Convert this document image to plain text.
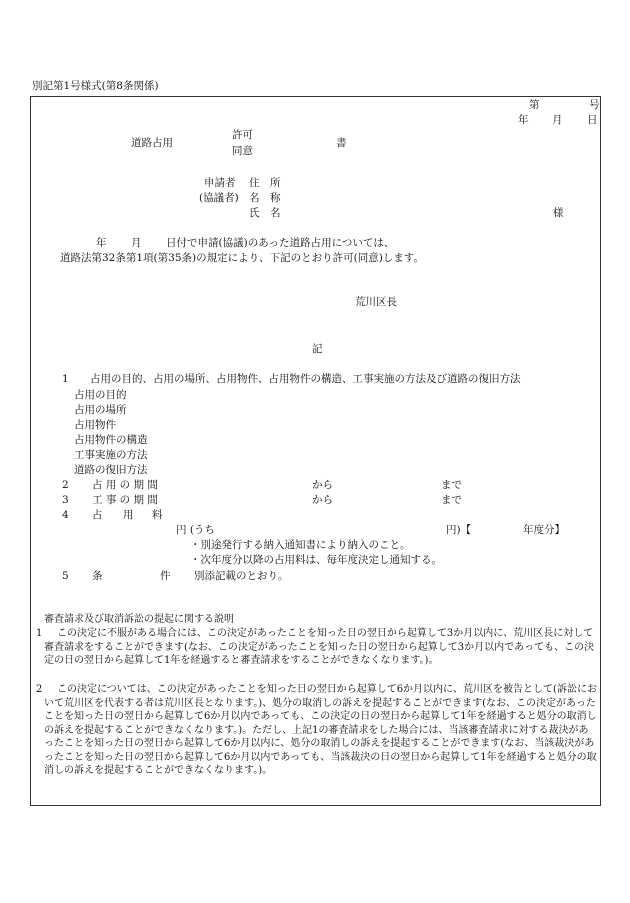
別記第1号様式(第8条関係)
第	号
年 月 日
道路占用
許可
同意
書
申請者
(協議者)
住　所
名　称
氏　名	様
年 月 日付で申請(協議)のあった道路占用については、
道路法第32条第1項(第35条)の規定により、下記のとおり許可(同意)します。
荒川区長
記
1 占用の目的、占用の場所、占用物件、占用物件の構造、工事実施の方法及び道路の復旧方法
占用の目的
占用の場所
占用物件
占用物件の構造
工事実施の方法
道路の復旧方法
2 占 用 の 期 間	から	まで
3 工 事 の 期 間	から	まで
4 占 用 料
円 (うち	円)【	年度分】
・別途発行する納入通知書により納入のこと。
・次年度分以降の占用料は、毎年度決定し通知する。
5 条	件 別添記載のとおり。
審査請求及び取消訴訟の提起に関する説明
1	この決定に不服がある場合には、この決定があったことを知った日の翌日から起算して3か月以内に、荒川区長に対して審査請求をすることができます(なお、この決定があったことを知った日の翌日から起算して3か月以内であっても、この決定の日の翌日から起算して1年を経過すると審査請求をすることができなくなります。)。
2	この決定については、この決定があったことを知った日の翌日から起算して6か月以内に、荒川区を被告として(訴訟において荒川区を代表する者は荒川区長となります。)、処分の取消しの訴えを提起することができます(なお、この決定があったことを知った日の翌日から起算して6か月以内であっても、この決定の日の翌日から起算して1年を経過すると処分の取消しの訴えを提起することができなくなります。)。ただし、上記1の審査請求をした場合には、当該審査請求に対する裁決があったことを知った日の翌日から起算して6か月以内に、処分の取消しの訴えを提起することができます(なお、当該裁決があったことを知った日の翌日から起算して6か月以内であっても、当該裁決の日の翌日から起算して1年を経過すると処分の取消しの訴えを提起することができなくなります。)。
